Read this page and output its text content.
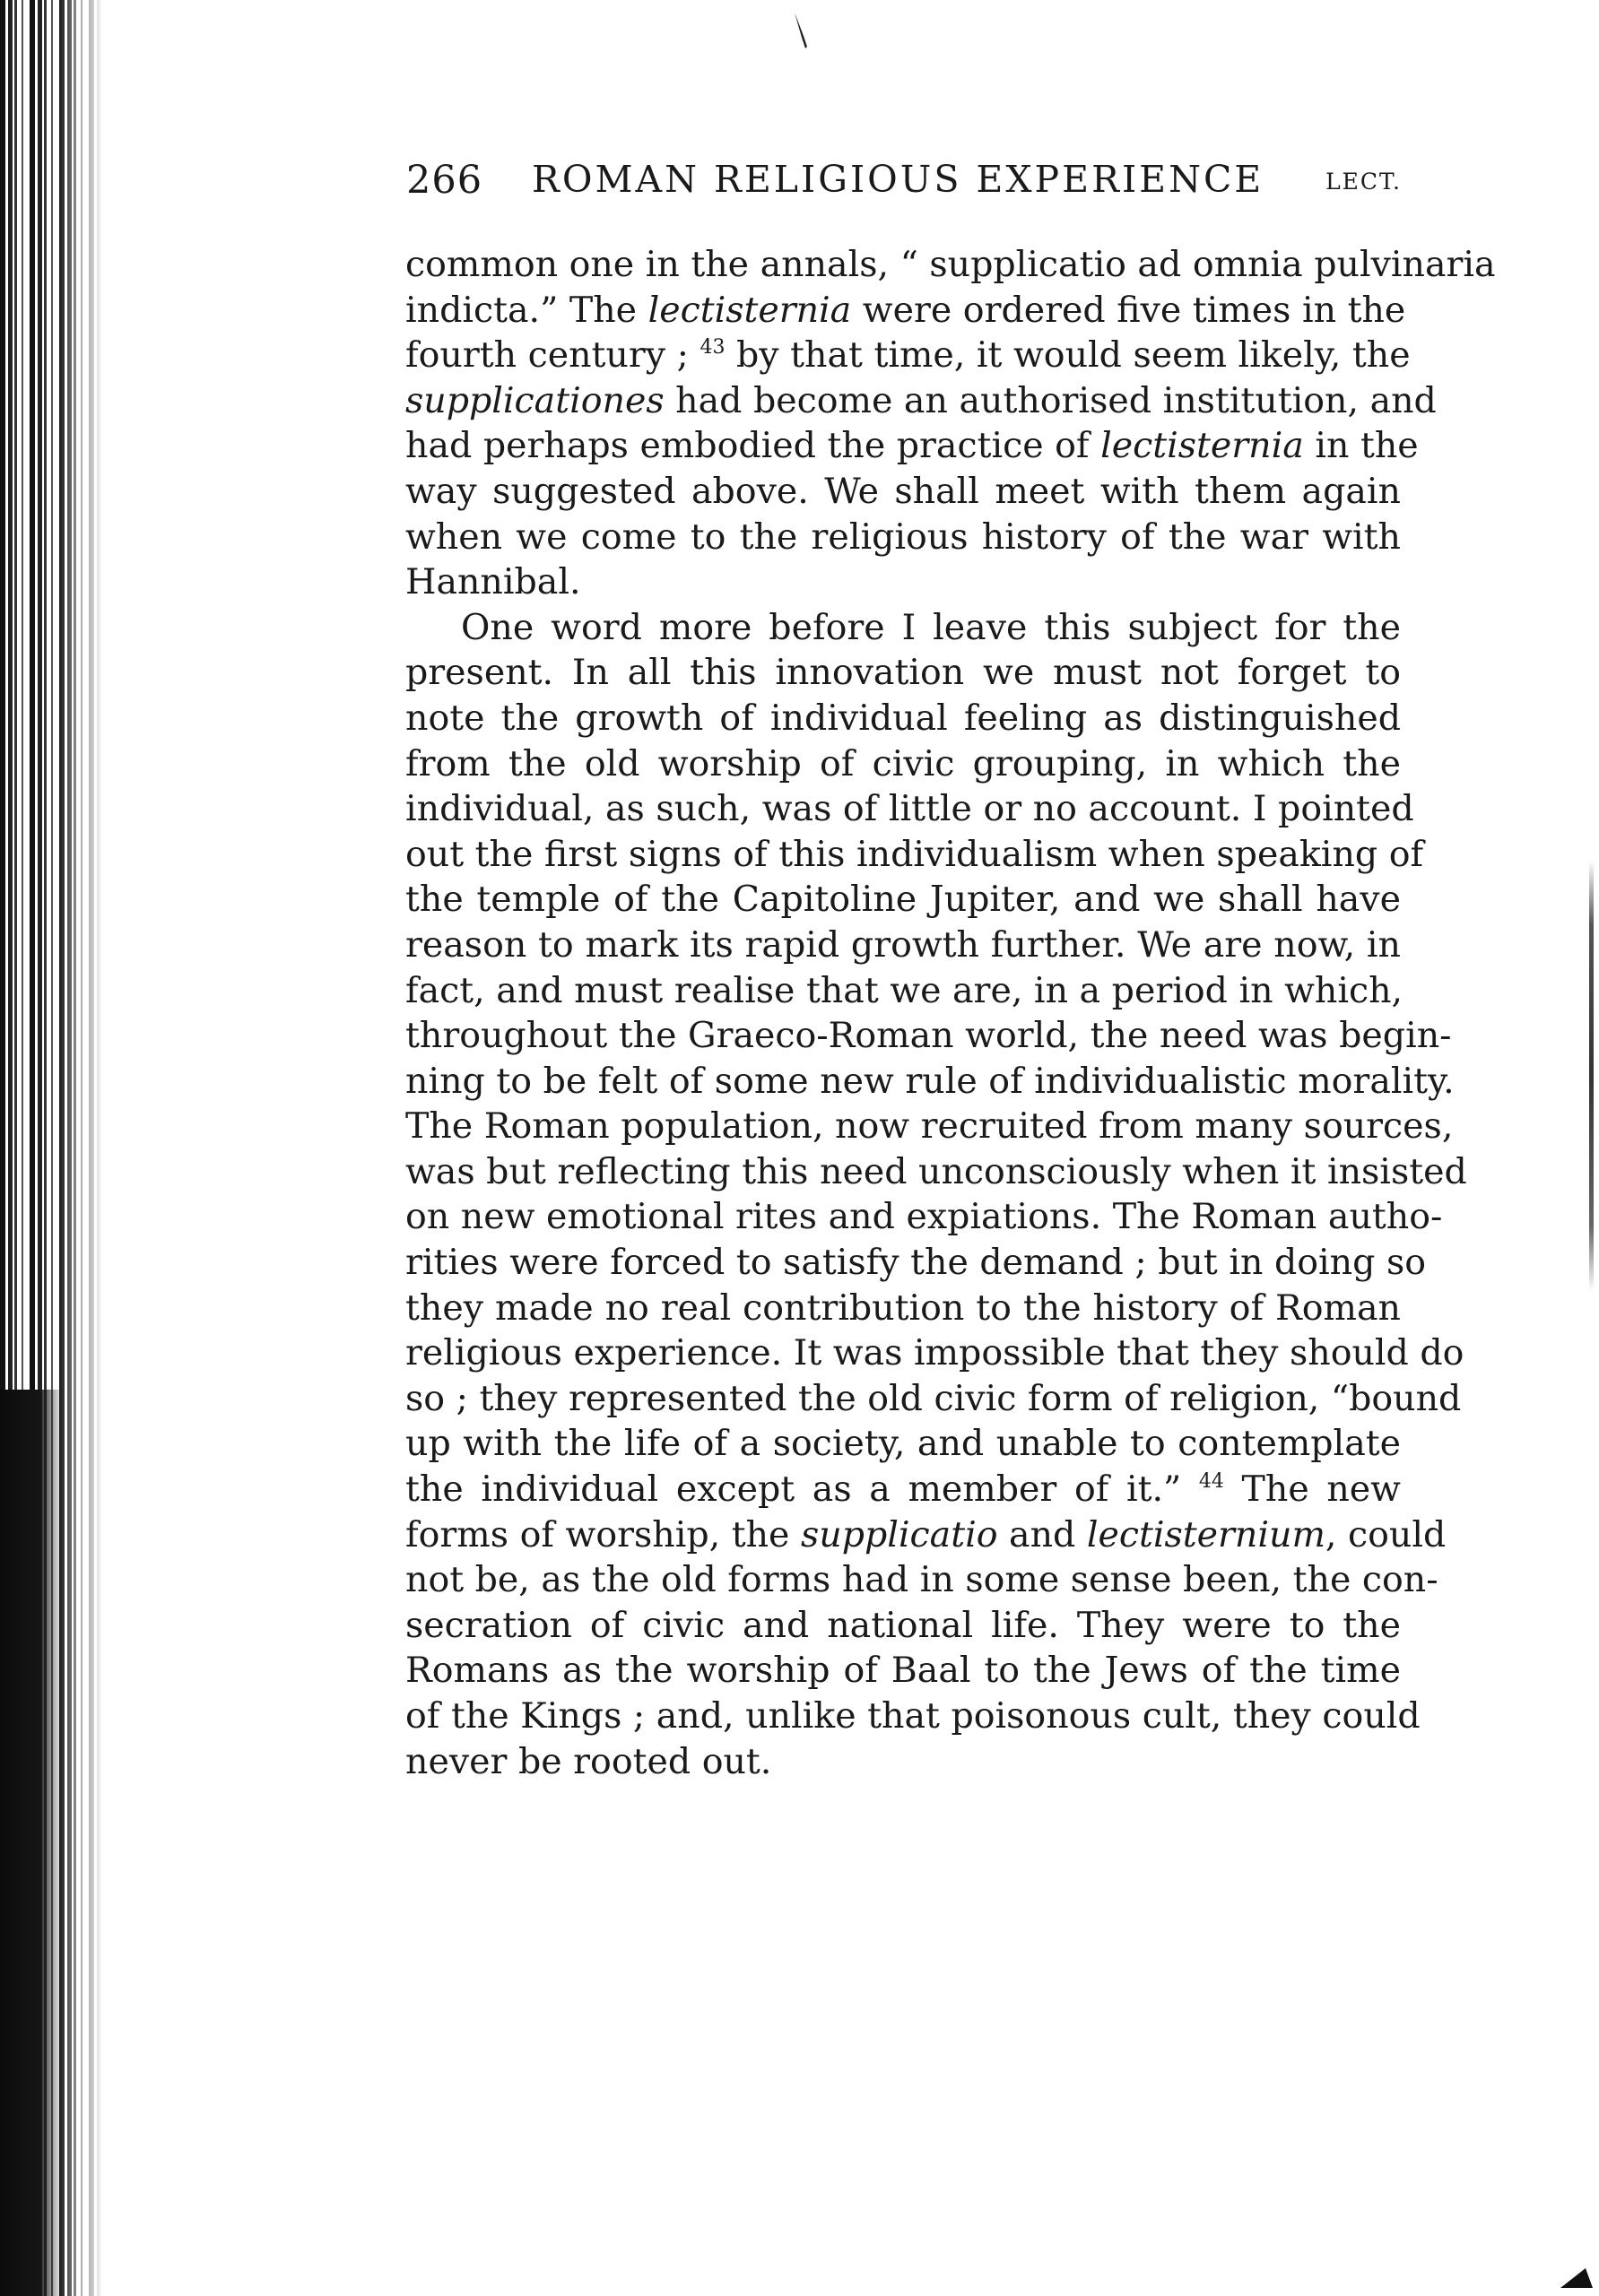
266 ROMAN RELIGIOUS EXPERIENCE	LECT.
common one in the annals, “ supplicatio ad omnia pulvinaria
indicta.” The lectisternia were ordered five times in the
fourth century ; $^{43}$ by that time, it would seem likely, the
supplicationes had become an authorised institution, and
had perhaps embodied the practice of lectisternia in the
way suggested above. We shall meet with them again
when we come to the religious history of the war with
Hannibal.
One word more before I leave this subject for the
present. In all this innovation we must not forget to
note the growth of individual feeling as distinguished
from the old worship of civic grouping, in which the
individual, as such, was of little or no account. I pointed
out the first signs of this individualism when speaking of
the temple of the Capitoline Jupiter, and we shall have
reason to mark its rapid growth further. We are now, in
fact, and must realise that we are, in a period in which,
throughout the Graeco-Roman world, the need was begin-
ning to be felt of some new rule of individualistic morality.
The Roman population, now recruited from many sources,
was but reflecting this need unconsciously when it insisted
on new emotional rites and expiations. The Roman autho-
rities were forced to satisfy the demand ; but in doing so
they made no real contribution to the history of Roman
religious experience. It was impossible that they should do
so ; they represented the old civic form of religion, “bound
up with the life of a society, and unable to contemplate
the individual except as a member of it.” $^{44}$ The new
forms of worship, the supplicatio and lectisternium, could
not be, as the old forms had in some sense been, the con-
secration of civic and national life. They were to the
Romans as the worship of Baal to the Jews of the time
of the Kings ; and, unlike that poisonous cult, they could
never be rooted out.
